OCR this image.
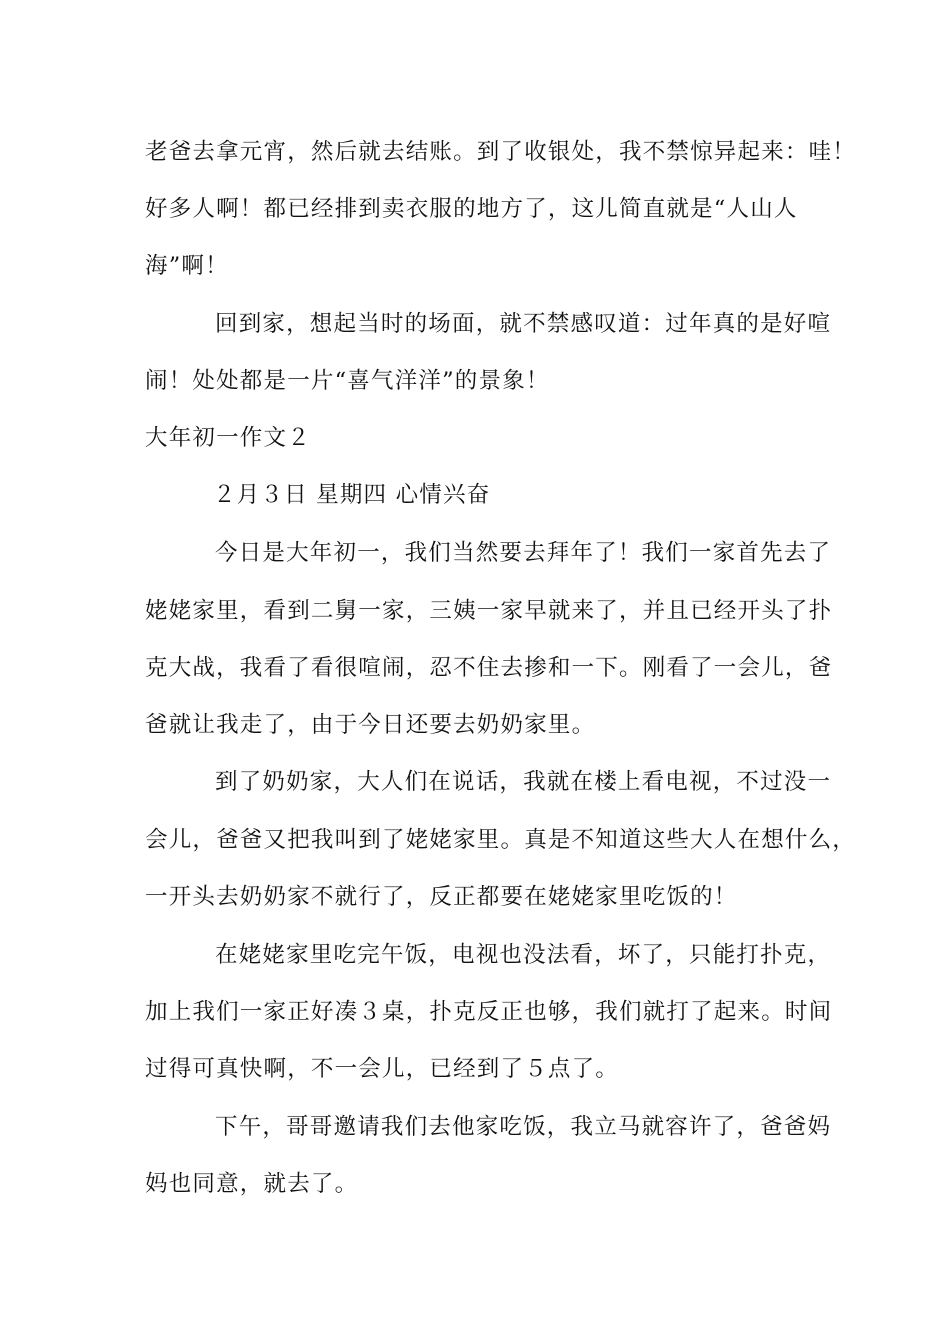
老爸去拿元宵，然后就去结账。到了收银处，我不禁惊异起来：哇！
好多人啊！都已经排到卖衣服的地方了，这儿简直就是“人山人
海”啊！
回到家，想起当时的场面，就不禁感叹道：过年真的是好喧
闹！处处都是一片“喜气洋洋”的景象！
大年初一作文２
２月３日 星期四 心情兴奋
今日是大年初一，我们当然要去拜年了！我们一家首先去了
姥姥家里，看到二舅一家，三姨一家早就来了，并且已经开头了扑
克大战，我看了看很喧闹，忍不住去掺和一下。刚看了一会儿，爸
爸就让我走了，由于今日还要去奶奶家里。
到了奶奶家，大人们在说话，我就在楼上看电视，不过没一
会儿，爸爸又把我叫到了姥姥家里。真是不知道这些大人在想什么，
一开头去奶奶家不就行了，反正都要在姥姥家里吃饭的！
在姥姥家里吃完午饭，电视也没法看，坏了，只能打扑克，
加上我们一家正好凑３桌，扑克反正也够，我们就打了起来。时间
过得可真快啊，不一会儿，已经到了５点了。
下午，哥哥邀请我们去他家吃饭，我立马就容许了，爸爸妈
妈也同意，就去了。
